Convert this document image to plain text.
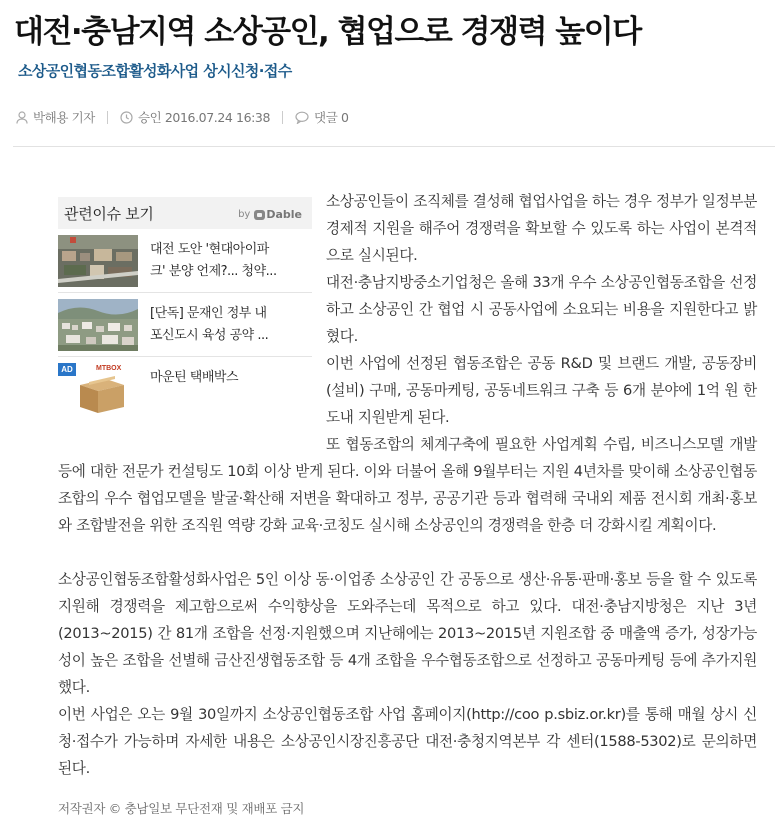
대전·충남지역 소상공인, 협업으로 경쟁력 높이다
소상공인협동조합활성화사업 상시신청·접수
박해용 기자	승인 2016.07.24 16:38	댓글 0
관련이슈 보기	by Dable
대전 도안 '현대아이파
크' 분양 언제?... 청약...
[단독] 문재인 정부 내
포신도시 육성 공약 ...
AD	MTBOX
마운틴 택배박스

소상공인들이 조직체를 결성해 협업사업을 하는 경우 정부가 일정부분 경제적 지원을 해주어 경쟁력을 확보할 수 있도록 하는 사업이 본격적으로 실시된다.

대전·충남지방중소기업청은 올해 33개 우수 소상공인협동조합을 선정하고 소상공인 간 협업 시 공동사업에 소요되는 비용을 지원한다고 밝혔다.

이번 사업에 선정된 협동조합은 공동 R&D 및 브랜드 개발, 공동장비(설비) 구매, 공동마케팅, 공동네트워크 구축 등 6개 분야에 1억 원 한도내 지원받게 된다.

또 협동조합의 체계구축에 필요한 사업계획 수립, 비즈니스모델 개발 등에 대한 전문가 컨설팅도 10회 이상 받게 된다. 이와 더불어 올해 9월부터는 지원 4년차를 맞이해 소상공인협동조합의 우수 협업모델을 발굴·확산해 저변을 확대하고 정부, 공공기관 등과 협력해 국내외 제품 전시회 개최·홍보와 조합발전을 위한 조직원 역량 강화 교육·코칭도 실시해 소상공인의 경쟁력을 한층 더 강화시킬 계획이다.

소상공인협동조합활성화사업은 5인 이상 동·이업종 소상공인 간 공동으로 생산·유통·판매·홍보 등을 할 수 있도록 지원해 경쟁력을 제고함으로써 수익향상을 도와주는데 목적으로 하고 있다. 대전·충남지방청은 지난 3년(2013~2015) 간 81개 조합을 선정·지원했으며 지난해에는 2013~2015년 지원조합 중 매출액 증가, 성장가능성이 높은 조합을 선별해 금산진생협동조합 등 4개 조합을 우수협동조합으로 선정하고 공동마케팅 등에 추가지원 했다.

이번 사업은 오는 9월 30일까지 소상공인협동조합 사업 홈페이지(http://coo p.sbiz.or.kr)를 통해 매월 상시 신청·접수가 가능하며 자세한 내용은 소상공인시장진흥공단 대전·충청지역본부 각 센터(1588-5302)로 문의하면 된다.

저작권자 © 충남일보 무단전재 및 재배포 금지
